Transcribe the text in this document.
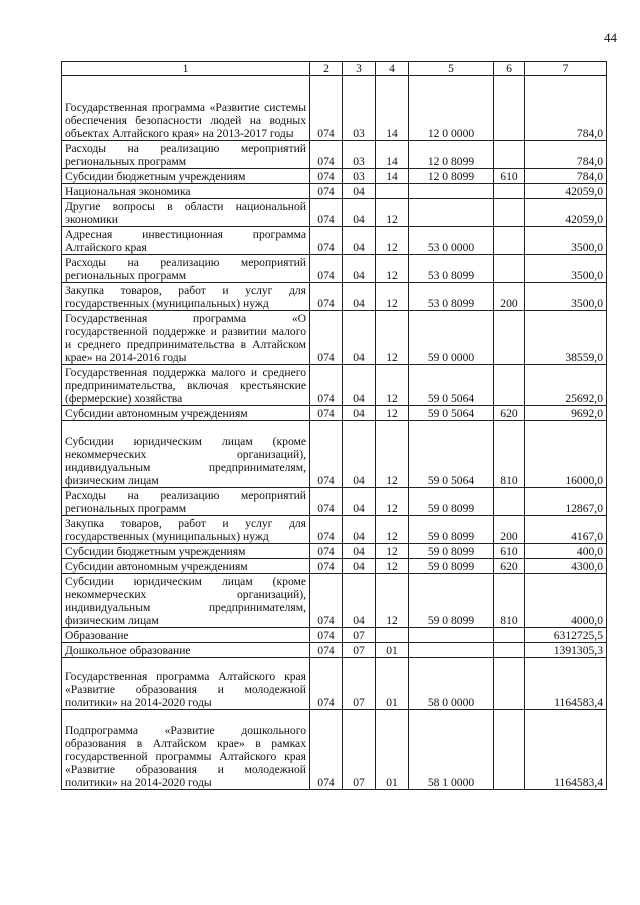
44
1	2	3	4	5	6	7
Государственная программа «Развитие системы обеспечения безопасности людей на водных объектах Алтайского края» на 2013-2017 годы	074	03	14	12 0 0000		784,0
Расходы на реализацию мероприятий региональных программ	074	03	14	12 0 8099		784,0
Субсидии бюджетным учреждениям	074	03	14	12 0 8099	610	784,0
Национальная экономика	074	04				42059,0
Другие вопросы в области национальной экономики	074	04	12			42059,0
Адресная инвестиционная программа Алтайского края	074	04	12	53 0 0000		3500,0
Расходы на реализацию мероприятий региональных программ	074	04	12	53 0 8099		3500,0
Закупка товаров, работ и услуг для государственных (муниципальных) нужд	074	04	12	53 0 8099	200	3500,0
Государственная программа «О государственной поддержке и развитии малого и среднего предпринимательства в Алтайском крае» на 2014-2016 годы	074	04	12	59 0 0000		38559,0
Государственная поддержка малого и среднего предпринимательства, включая крестьянские (фермерские) хозяйства	074	04	12	59 0 5064		25692,0
Субсидии автономным учреждениям	074	04	12	59 0 5064	620	9692,0
Субсидии юридическим лицам (кроме некоммерческих организаций), индивидуальным предпринимателям, физическим лицам	074	04	12	59 0 5064	810	16000,0
Расходы на реализацию мероприятий региональных программ	074	04	12	59 0 8099		12867,0
Закупка товаров, работ и услуг для государственных (муниципальных) нужд	074	04	12	59 0 8099	200	4167,0
Субсидии бюджетным учреждениям	074	04	12	59 0 8099	610	400,0
Субсидии автономным учреждениям	074	04	12	59 0 8099	620	4300,0
Субсидии юридическим лицам (кроме некоммерческих организаций), индивидуальным предпринимателям, физическим лицам	074	04	12	59 0 8099	810	4000,0
Образование	074	07				6312725,5
Дошкольное образование	074	07	01			1391305,3
Государственная программа Алтайского края «Развитие образования и молодежной политики» на 2014-2020 годы	074	07	01	58 0 0000		1164583,4
Подпрограмма «Развитие дошкольного образования в Алтайском крае» в рамках государственной программы Алтайского края «Развитие образования и молодежной политики» на 2014-2020 годы	074	07	01	58 1 0000		1164583,4
